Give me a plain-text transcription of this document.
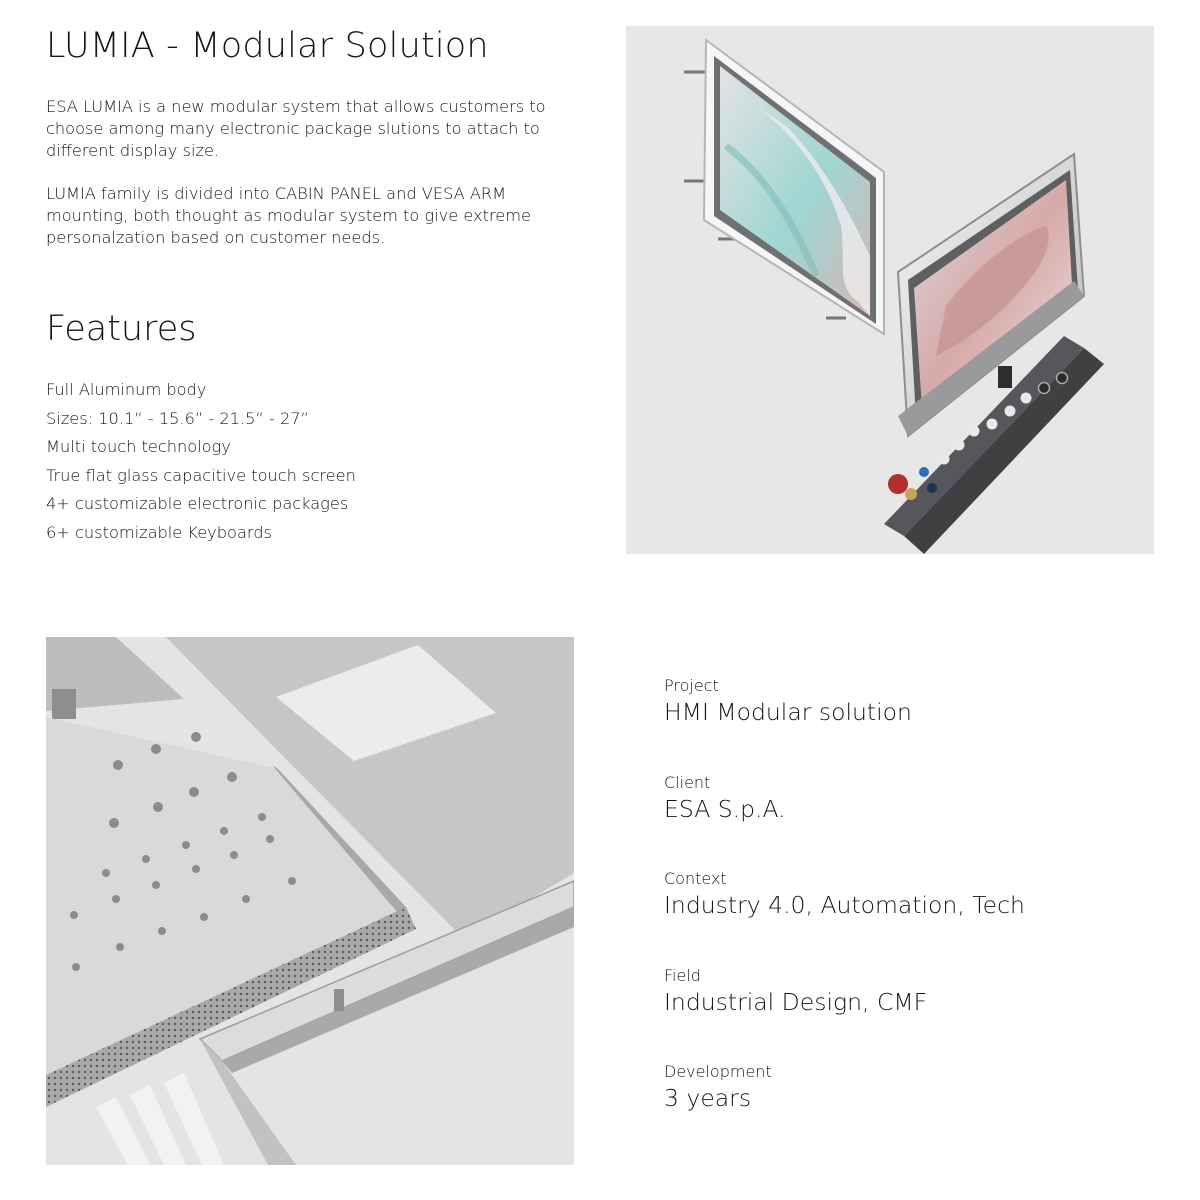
LUMIA - Modular Solution

ESA LUMIA is a new modular system that allows customers to choose among many electronic package slutions to attach to different display size.

LUMIA family is divided into CABIN PANEL and VESA ARM mounting, both thought as modular system to give extreme personalzation based on customer needs.

Features
Full Aluminum body
Sizes: 10.1” - 15.6” - 21.5” - 27”
Multi touch technology
True flat glass capacitive touch screen
4+ customizable electronic packages
6+ customizable Keyboards
Project
HMI Modular solution
Client
ESA S.p.A.
Context
Industry 4.0, Automation, Tech
Field
Industrial Design, CMF
Development
3 years
